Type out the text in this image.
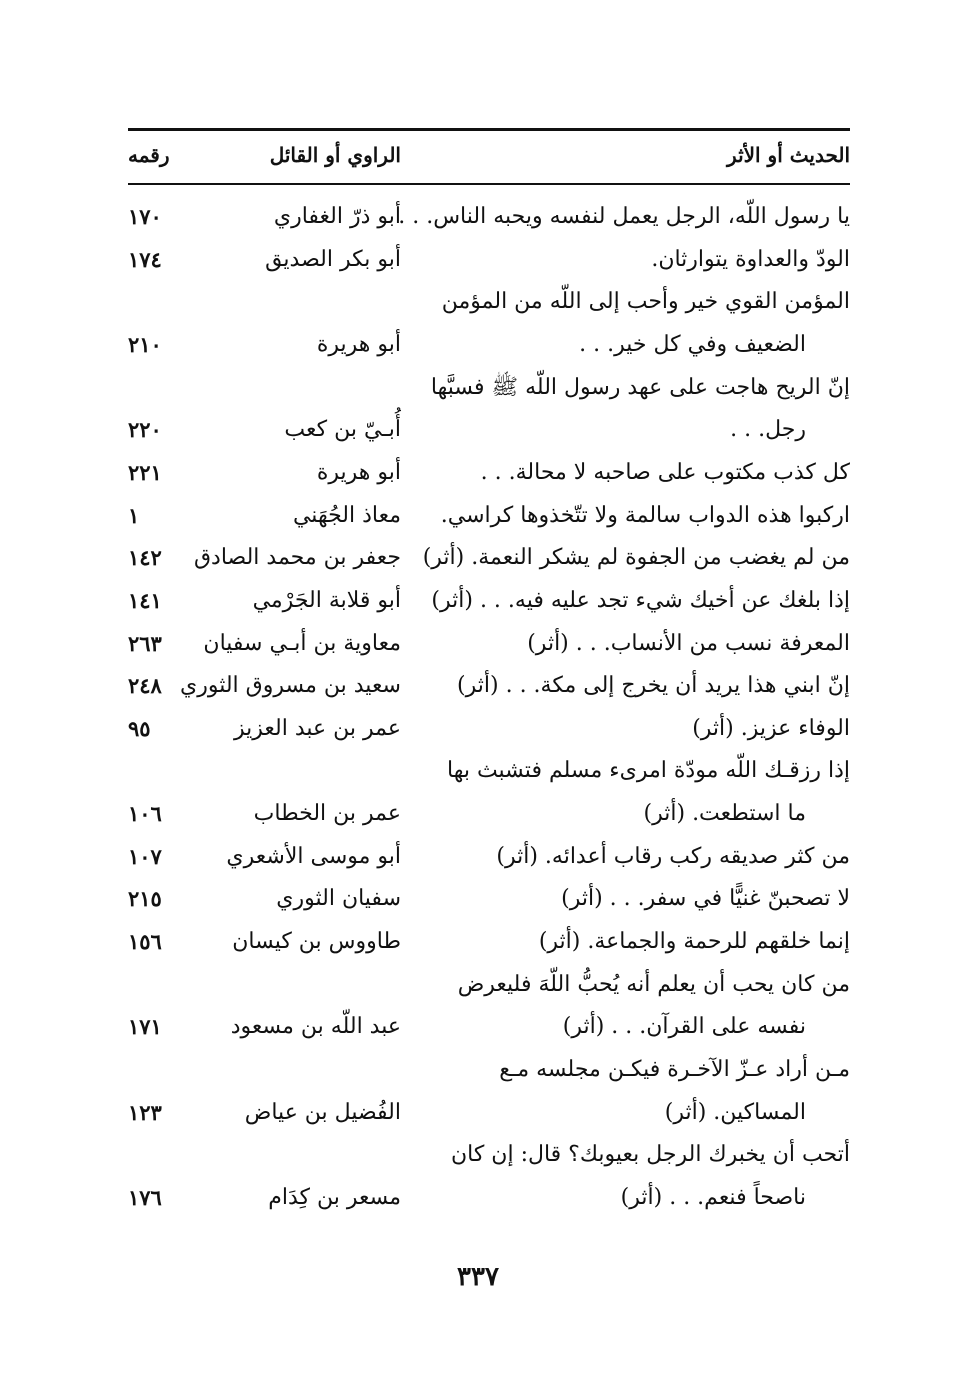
الحديث أو الأثر
الراوي أو القائل
رقمه
يا رسول اللّه، الرجل يعمل لنفسه ويحبه الناس. . .
أبو ذرّ الغفاري
١٧٠
الودّ والعداوة يتوارثان.
أبو بكر الصديق
١٧٤
المؤمن القوي خير وأحب إلى اللّه من المؤمن
الضعيف وفي كل خير. . .
أبو هريرة
٢١٠
إنّ الريح هاجت على عهد رسول اللّه ﷺ فسبَّها
رجل. . .
أُبـيّ بن كعب
٢٢٠
كل كذب مكتوب على صاحبه لا محالة. . .
أبو هريرة
٢٢١
اركبوا هذه الدواب سالمة ولا تتّخذوها كراسي.
معاذ الجُهَني
١
من لم يغضب من الجفوة لم يشكر النعمة. (أثر)
جعفر بن محمد الصادق
١٤٢
إذا بلغك عن أخيك شيء تجد عليه فيه. . . (أثر)
أبو قلابة الجَرْمي
١٤١
المعرفة نسب من الأنساب. . . (أثر)
معاوية بن أبـي سفيان
٢٦٣
إنّ ابني هذا يريد أن يخرج إلى مكة. . . (أثر)
سعيد بن مسروق الثوري
٢٤٨
الوفاء عزيز. (أثر)
عمر بن عبد العزيز
٩٥
إذا رزقـك اللّه مودّة امرىء مسلم فتشبث بها
ما استطعت. (أثر)
عمر بن الخطاب
١٠٦
من كثر صديقه ركب رقاب أعدائه. (أثر)
أبو موسى الأشعري
١٠٧
لا تصحبنّ غنيًّا في سفر. . . (أثر)
سفيان الثوري
٢١٥
إنما خلقهم للرحمة والجماعة. (أثر)
طاووس بن كيسان
١٥٦
من كان يحب أن يعلم أنه يُحبُّ اللّهَ فليعرض
نفسه على القرآن. . . (أثر)
عبد اللّه بن مسعود
١٧١
مـن أراد عـزّ الآخـرة فيكـن مجلسه مـع
المساكين. (أثر)
الفُضيل بن عياض
١٢٣
أتحب أن يخبرك الرجل بعيوبك؟ قال: إن كان
ناصحاً فنعم. . . (أثر)
مسعر بن كِدَام
١٧٦
٣٣٧
